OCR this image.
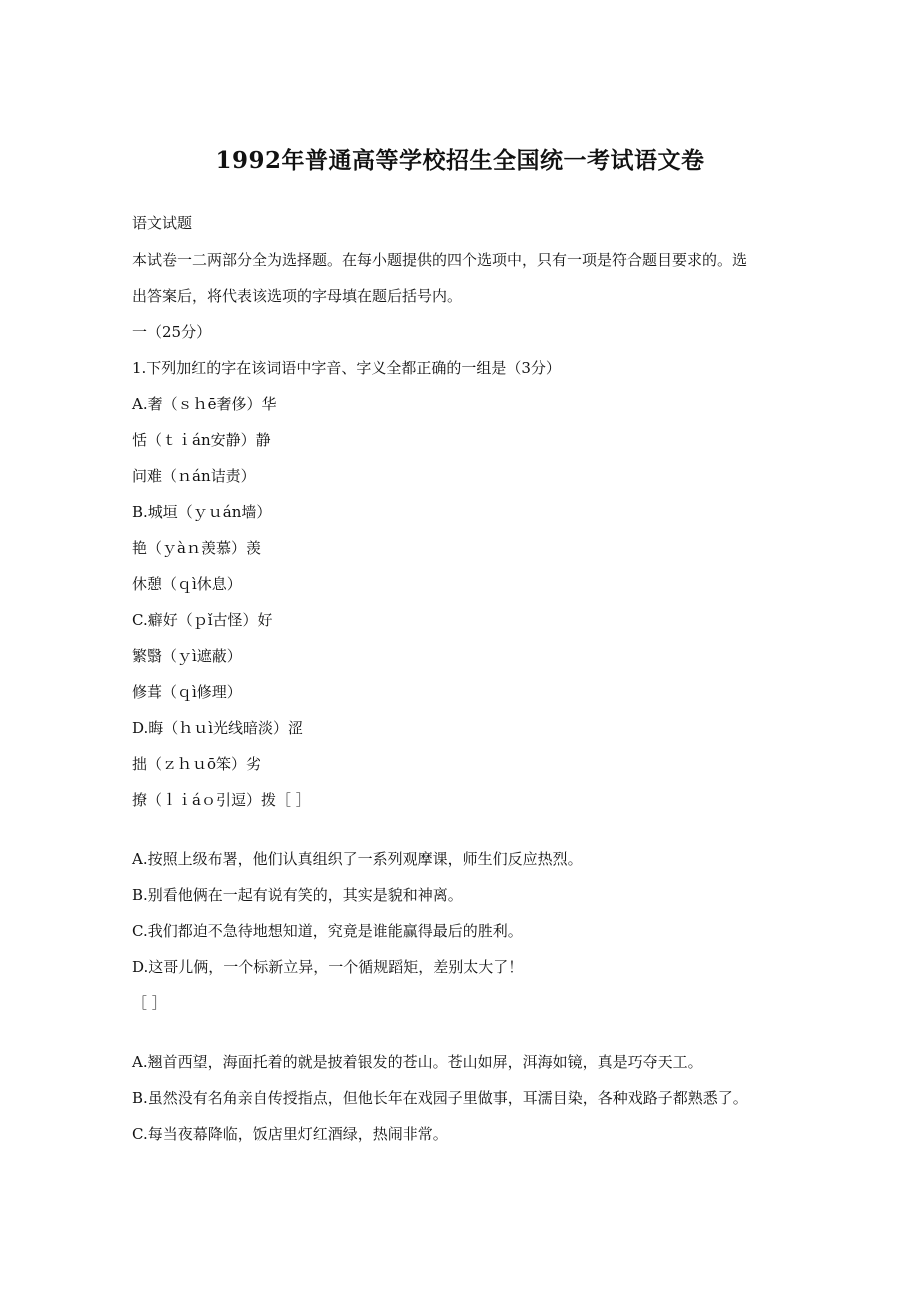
1992年普通高等学校招生全国统一考试语文卷

语文试题

本试卷一二两部分全为选择题。在每小题提供的四个选项中，只有一项是符合题目要求的。选

出答案后，将代表该选项的字母填在题后括号内。

一（25分）

1.下列加红的字在该词语中字音、字义全都正确的一组是（3分）

A.奢（ｓｈē奢侈）华

恬（ｔｉán安静）静

问难（ｎán诘责）

B.城垣（ｙｕán墙）

艳（ｙàｎ羡慕）羡

休憩（ｑì休息）

C.癖好（ｐǐ古怪）好

繁翳（ｙì遮蔽）

修葺（ｑì修理）

D.晦（ｈｕì光线暗淡）涩

拙（ｚｈｕō笨）劣

撩（ｌｉáｏ引逗）拨［ ］

A.按照上级布署，他们认真组织了一系列观摩课，师生们反应热烈。

B.别看他俩在一起有说有笑的，其实是貌和神离。

C.我们都迫不急待地想知道，究竟是谁能赢得最后的胜利。

D.这哥儿俩，一个标新立异，一个循规蹈矩，差别太大了！

［ ］

A.翘首西望，海面托着的就是披着银发的苍山。苍山如屏，洱海如镜，真是巧夺天工。

B.虽然没有名角亲自传授指点，但他长年在戏园子里做事，耳濡目染，各种戏路子都熟悉了。

C.每当夜幕降临，饭店里灯红酒绿，热闹非常。
